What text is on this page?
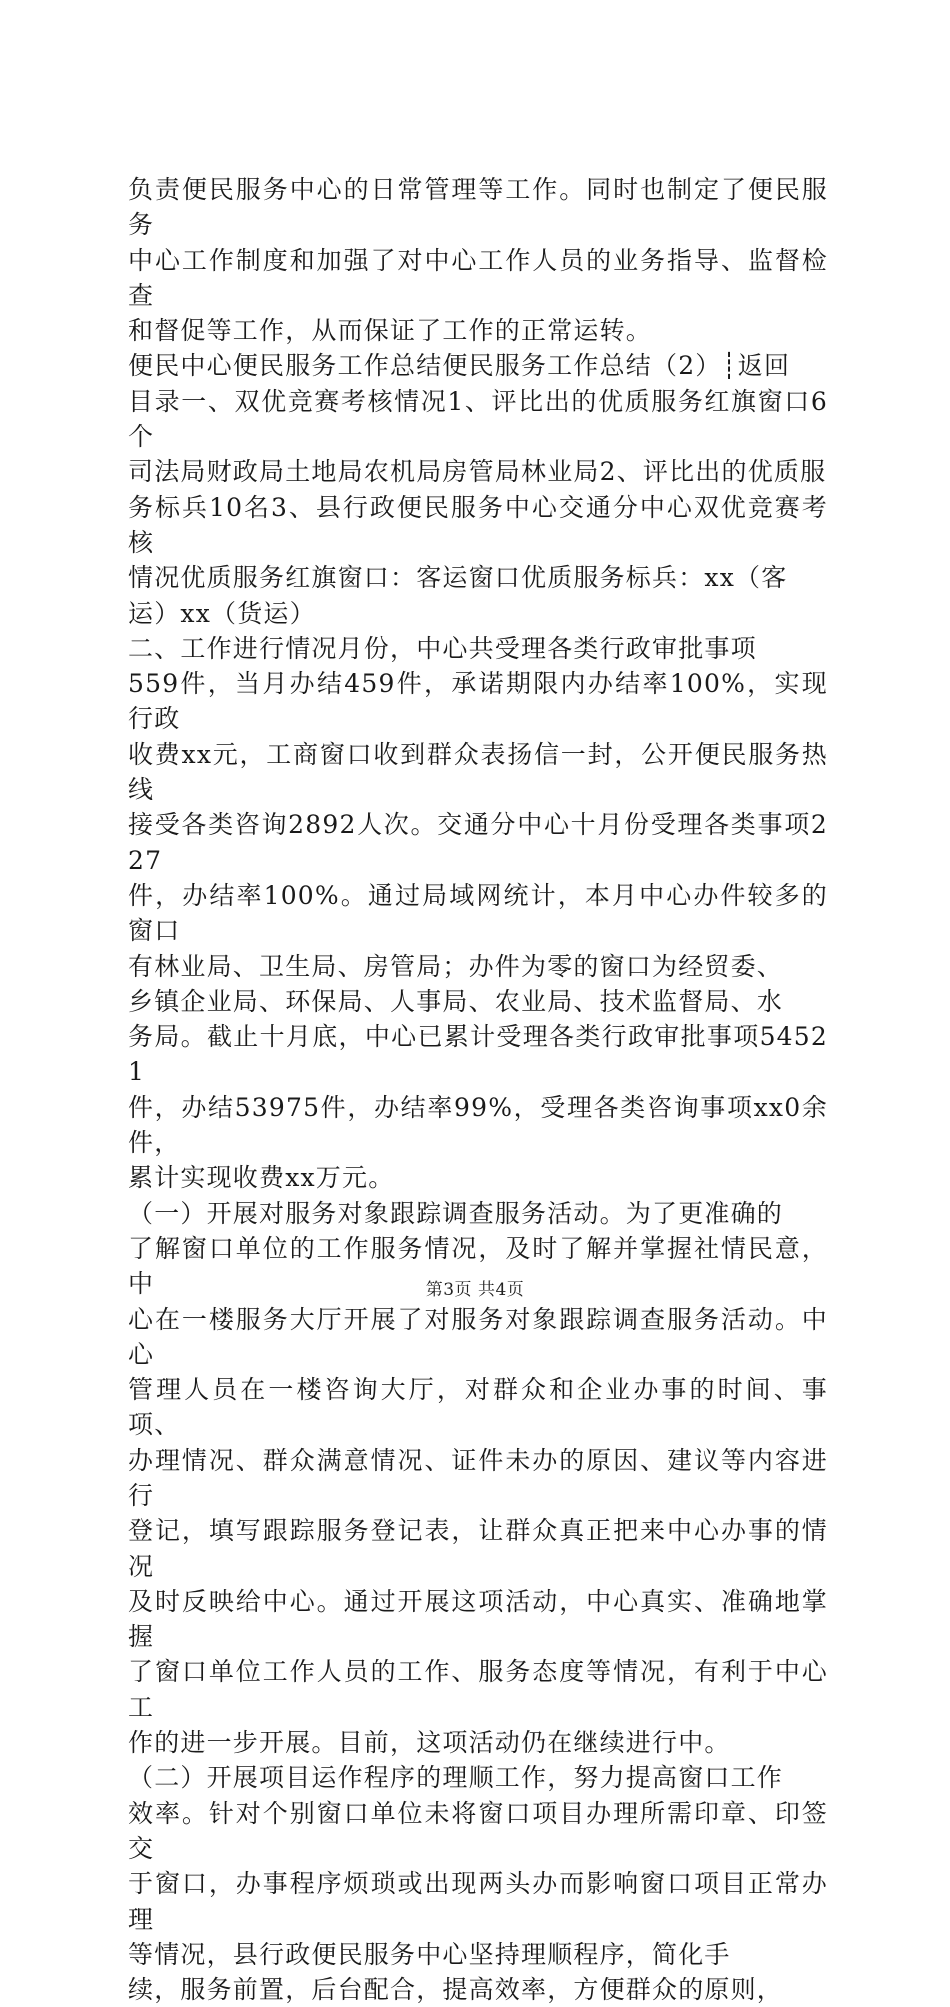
负责便民服务中心的日常管理等工作。同时也制定了便民服务
中心工作制度和加强了对中心工作人员的业务指导、监督检查
和督促等工作，从而保证了工作的正常运转。

便民中心便民服务工作总结便民服务工作总结（2）┊返回
目录一、双优竞赛考核情况1、评比出的优质服务红旗窗口6个
司法局财政局土地局农机局房管局林业局2、评比出的优质服
务标兵10名3、县行政便民服务中心交通分中心双优竞赛考核
情况优质服务红旗窗口：客运窗口优质服务标兵：xx（客
运）xx（货运）

二、工作进行情况月份，中心共受理各类行政审批事项
559件，当月办结459件，承诺期限内办结率100%，实现行政
收费xx元，工商窗口收到群众表扬信一封，公开便民服务热线
接受各类咨询2892人次。交通分中心十月份受理各类事项227
件，办结率100%。通过局域网统计，本月中心办件较多的窗口
有林业局、卫生局、房管局；办件为零的窗口为经贸委、

乡镇企业局、环保局、人事局、农业局、技术监督局、水
务局。截止十月底，中心已累计受理各类行政审批事项54521
件，办结53975件，办结率99%，受理各类咨询事项xx0余件，
累计实现收费xx万元。

（一）开展对服务对象跟踪调查服务活动。为了更准确的
了解窗口单位的工作服务情况，及时了解并掌握社情民意，中
心在一楼服务大厅开展了对服务对象跟踪调查服务活动。中心
管理人员在一楼咨询大厅，对群众和企业办事的时间、事项、
办理情况、群众满意情况、证件未办的原因、建议等内容进行
登记，填写跟踪服务登记表，让群众真正把来中心办事的情况
及时反映给中心。通过开展这项活动，中心真实、准确地掌握
了窗口单位工作人员的工作、服务态度等情况，有利于中心工
作的进一步开展。目前，这项活动仍在继续进行中。

（二）开展项目运作程序的理顺工作，努力提高窗口工作
效率。针对个别窗口单位未将窗口项目办理所需印章、印签交
于窗口，办事程序烦琐或出现两头办而影响窗口项目正常办理
等情况，县行政便民服务中心坚持理顺程序，简化手

续，服务前置，后台配合，提高效率，方便群众的原则，

第3页 共4页
